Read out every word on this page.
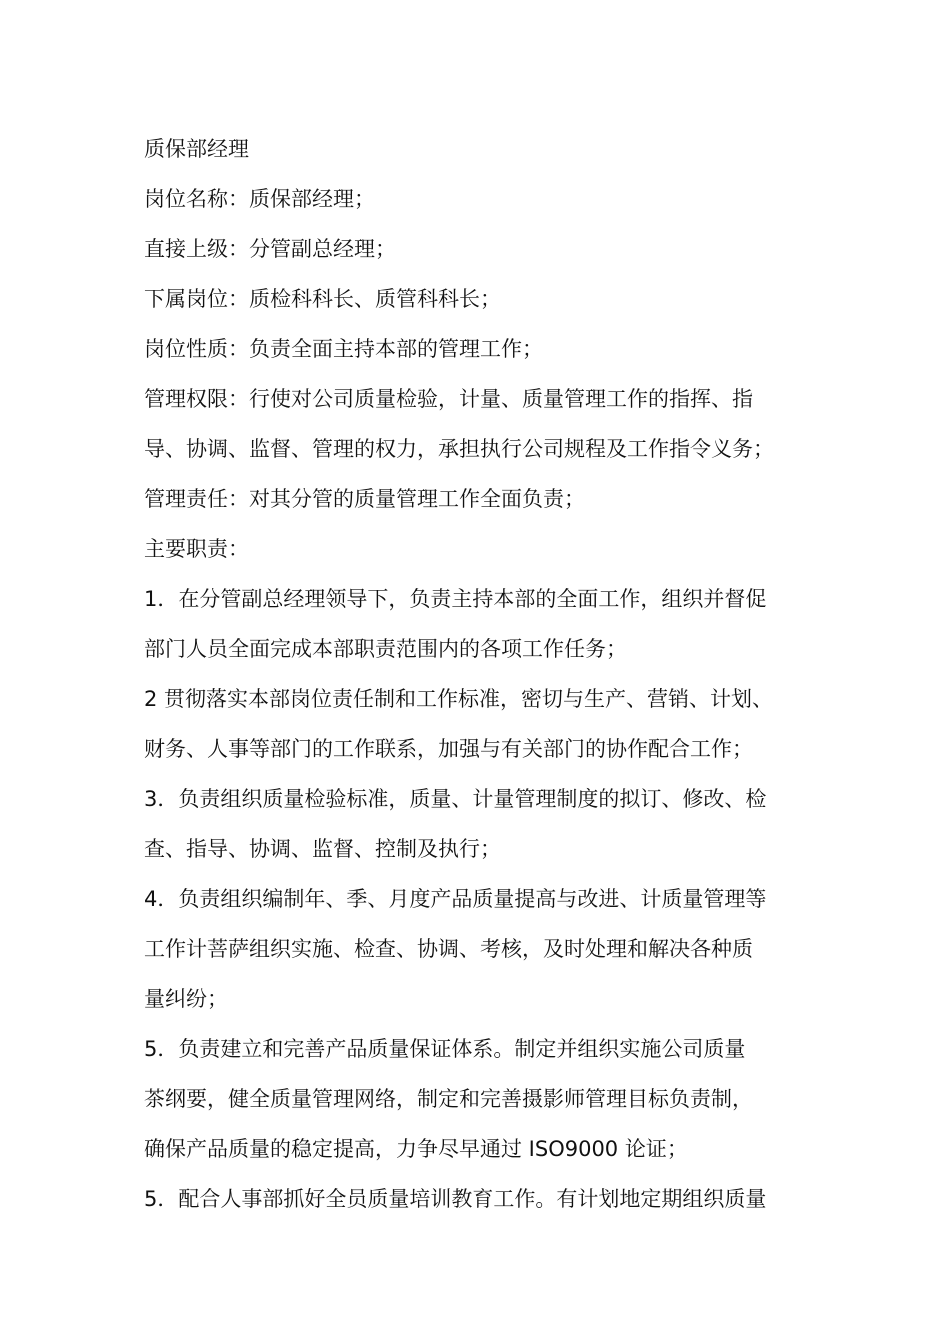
质保部经理

岗位名称：质保部经理；

直接上级：分管副总经理；

下属岗位：质检科科长、质管科科长；

岗位性质：负责全面主持本部的管理工作；

管理权限：行使对公司质量检验，计量、质量管理工作的指挥、指

导、协调、监督、管理的权力，承担执行公司规程及工作指令义务；

管理责任：对其分管的质量管理工作全面负责；

主要职责：

1．在分管副总经理领导下，负责主持本部的全面工作，组织并督促

部门人员全面完成本部职责范围内的各项工作任务；

2 贯彻落实本部岗位责任制和工作标准，密切与生产、营销、计划、

财务、人事等部门的工作联系，加强与有关部门的协作配合工作；

3．负责组织质量检验标准，质量、计量管理制度的拟订、修改、检

查、指导、协调、监督、控制及执行；

4．负责组织编制年、季、月度产品质量提高与改进、计质量管理等

工作计菩萨组织实施、检查、协调、考核，及时处理和解决各种质

量纠纷；

5．负责建立和完善产品质量保证体系。制定并组织实施公司质量

茶纲要，健全质量管理网络，制定和完善摄影师管理目标负责制，

确保产品质量的稳定提高，力争尽早通过 ISO9000 论证；

5．配合人事部抓好全员质量培训教育工作。有计划地定期组织质量
